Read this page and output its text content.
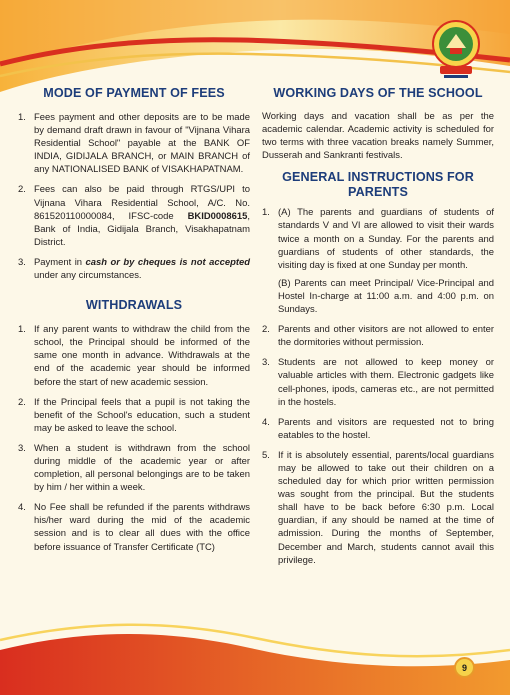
MODE OF PAYMENT OF FEES
1. Fees payment and other deposits are to be made by demand draft drawn in favour of "Vijnana Vihara Residential School" payable at the BANK OF INDIA, GIDIJALA BRANCH, or MAIN BRANCH of any NATIONALISED BANK of VISAKHAPATNAM.
2. Fees can also be paid through RTGS/UPI to Vijnana Vihara Residential School, A/C. No. 861520110000084, IFSC-code BKID0008615, Bank of India, Gidijala Branch, Visakhapatnam District.
3. Payment in cash or by cheques is not accepted under any circumstances.
WITHDRAWALS
1. If any parent wants to withdraw the child from the school, the Principal should be informed of the same one month in advance. Withdrawals at the end of the academic year should be informed before the start of new academic session.
2. If the Principal feels that a pupil is not taking the benefit of the School's education, such a student may be asked to leave the school.
3. When a student is withdrawn from the school during middle of the academic year or after completion, all personal belongings are to be taken by him / her within a week.
4. No Fee shall be refunded if the parents withdraws his/her ward during the mid of the academic session and is to clear all dues with the office before issuance of Transfer Certificate (TC)
WORKING DAYS OF THE SCHOOL

Working days and vacation shall be as per the academic calendar. Academic activity is scheduled for two terms with three vacation breaks namely Summer, Dusserah and Sankranti festivals.

GENERAL INSTRUCTIONS FOR PARENTS
1. (A) The parents and guardians of students of standards V and VI are allowed to visit their wards twice a month on a Sunday. For the parents and guardians of students of other standards, the visiting day is fixed at one Sunday per month.
(B) Parents can meet Principal/ Vice-Principal and Hostel In-charge at 11:00 a.m. and 4:00 p.m. on Sundays.
2. Parents and other visitors are not allowed to enter the dormitories without permission.
3. Students are not allowed to keep money or valuable articles with them. Electronic gadgets like cell-phones, ipods, cameras etc., are not permitted in the hostels.
4. Parents and visitors are requested not to bring eatables to the hostel.
5. If it is absolutely essential, parents/local guardians may be allowed to take out their children on a scheduled day for which prior written permission was sought from the principal. But the students shall have to be back before 6:30 p.m. Local guardian, if any should be named at the time of admission. During the months of September, December and March, students cannot avail this privilege.
9
